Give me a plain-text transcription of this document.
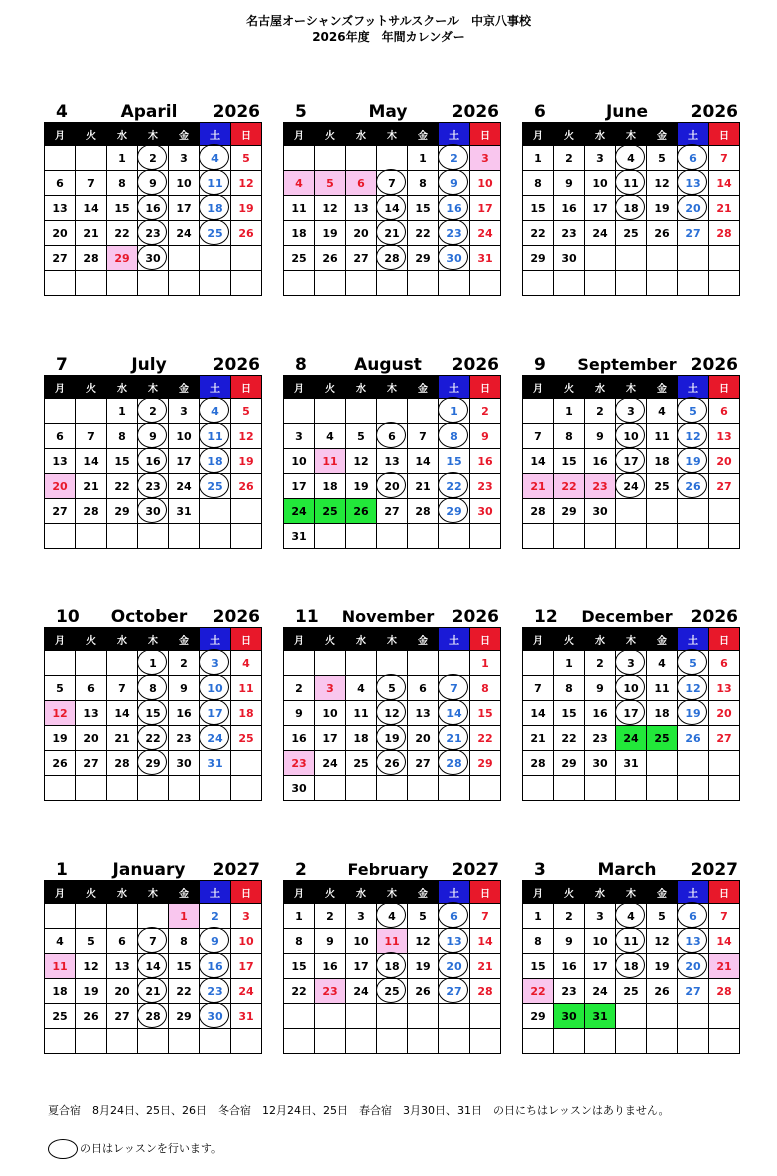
名古屋オーシャンズフットサルスクール　中京八事校
2026年度　年間カレンダー
4	Aparil	2026
月	火	水	木	金	土	日
		1	2	3	4	5
6	7	8	9	10	11	12
13	14	15	16	17	18	19
20	21	22	23	24	25	26
27	28	29	30

5	May	2026
月	火	水	木	金	土	日
				1	2	3
4	5	6	7	8	9	10
11	12	13	14	15	16	17
18	19	20	21	22	23	24
25	26	27	28	29	30	31

6	June	2026
月	火	水	木	金	土	日
1	2	3	4	5	6	7
8	9	10	11	12	13	14
15	16	17	18	19	20	21
22	23	24	25	26	27	28
29	30					

7	July	2026
月	火	水	木	金	土	日
		1	2	3	4	5
6	7	8	9	10	11	12
13	14	15	16	17	18	19
20	21	22	23	24	25	26
27	28	29	30	31		

8	August	2026
月	火	水	木	金	土	日
					1	2
3	4	5	6	7	8	9
10	11	12	13	14	15	16
17	18	19	20	21	22	23
24	25	26	27	28	29	30
31						
9	September 2026
月	火	水	木	金	土	日
	1	2	3	4	5	6
7	8	9	10	11	12	13
14	15	16	17	18	19	20
21	22	23	24	25	26	27
28	29	30				

10	October	2026
月	火	水	木	金	土	日
			1	2	3	4
5	6	7	8	9	10	11
12	13	14	15	16	17	18
19	20	21	22	23	24	25
26	27	28	29	30	31	

11	November	2026
月	火	水	木	金	土	日
						1
2	3	4	5	6	7	8
9	10	11	12	13	14	15
16	17	18	19	20	21	22
23	24	25	26	27	28	29
30						
12	December	2026
月	火	水	木	金	土	日
	1	2	3	4	5	6
7	8	9	10	11	12	13
14	15	16	17	18	19	20
21	22	23	24	25	26	27
28	29	30	31			

1	January	2027
月	火	水	木	金	土	日
				1	2	3
4	5	6	7	8	9	10
11	12	13	14	15	16	17
18	19	20	21	22	23	24
25	26	27	28	29	30	31

2	February	2027
月	火	水	木	金	土	日
1	2	3	4	5	6	7
8	9	10	11	12	13	14
15	16	17	18	19	20	21
22	23	24	25	26	27	28

3	March	2027
月	火	水	木	金	土	日
1	2	3	4	5	6	7
8	9	10	11	12	13	14
15	16	17	18	19	20	21
22	23	24	25	26	27	28
29	30	31				

夏合宿　8月24日、25日、26日　冬合宿　12月24日、25日　春合宿　3月30日、31日　の日にちはレッスンはありません。
の日はレッスンを行います。
